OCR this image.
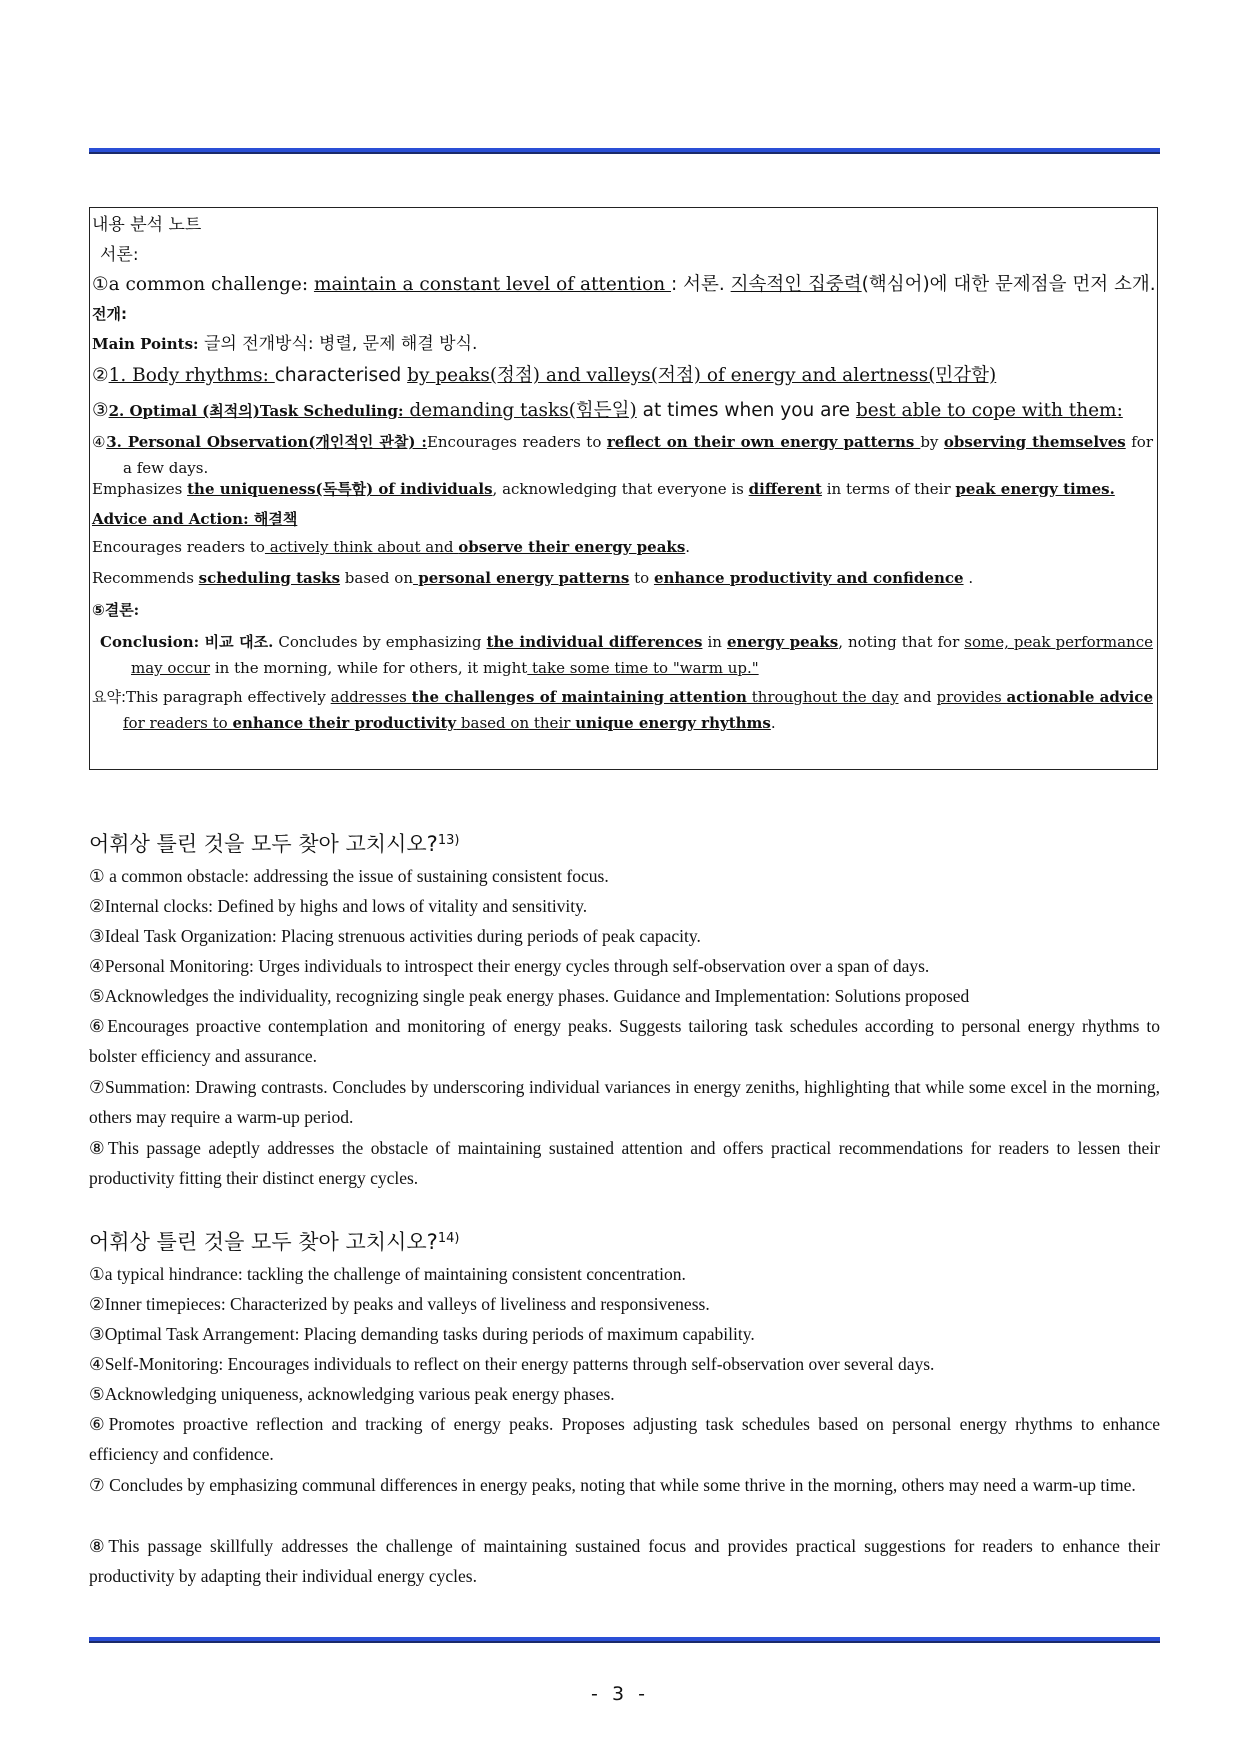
내용 분석 노트
서론:
①a common challenge: maintain a constant level of attention : 서론. 지속적인 집중력(핵심어)에 대한 문제점을 먼저 소개.
전개:
Main Points: 글의 전개방식: 병렬, 문제 해결 방식.
②1. Body rhythms: characterised by peaks(정점) and valleys(저점) of energy and alertness(민감함)
③2. Optimal (최적의)Task Scheduling: demanding tasks(힘든일) at times when you are best able to cope with them:
④3. Personal Observation(개인적인 관찰) :Encourages readers to reflect on their own energy patterns by observing themselves for a few days.
Emphasizes the uniqueness(독특함) of individuals, acknowledging that everyone is different in terms of their peak energy times.
Advice and Action: 해결책
Encourages readers to actively think about and observe their energy peaks.
Recommends scheduling tasks based on personal energy patterns to enhance productivity and confidence .
⑤결론:
Conclusion: 비교 대조. Concludes by emphasizing the individual differences in energy peaks, noting that for some, peak performance may occur in the morning, while for others, it might take some time to "warm up."
요약:This paragraph effectively addresses the challenges of maintaining attention throughout the day and provides actionable advice for readers to enhance their productivity based on their unique energy rhythms.
어휘상 틀린 것을 모두 찾아 고치시오?$^{13)}$
① a common obstacle: addressing the issue of sustaining consistent focus.
②Internal clocks: Defined by highs and lows of vitality and sensitivity.
③Ideal Task Organization: Placing strenuous activities during periods of peak capacity.
④Personal Monitoring: Urges individuals to introspect their energy cycles through self-observation over a span of days.
⑤Acknowledges the individuality, recognizing single peak energy phases. Guidance and Implementation: Solutions proposed
⑥Encourages proactive contemplation and monitoring of energy peaks. Suggests tailoring task schedules according to personal energy rhythms to bolster efficiency and assurance.
⑦Summation: Drawing contrasts. Concludes by underscoring individual variances in energy zeniths, highlighting that while some excel in the morning, others may require a warm-up period.
⑧This passage adeptly addresses the obstacle of maintaining sustained attention and offers practical recommendations for readers to lessen their productivity fitting their distinct energy cycles.
어휘상 틀린 것을 모두 찾아 고치시오?$^{14)}$
①a typical hindrance: tackling the challenge of maintaining consistent concentration.
②Inner timepieces: Characterized by peaks and valleys of liveliness and responsiveness.
③Optimal Task Arrangement: Placing demanding tasks during periods of maximum capability.
④Self-Monitoring: Encourages individuals to reflect on their energy patterns through self-observation over several days.
⑤Acknowledging uniqueness, acknowledging various peak energy phases.
⑥Promotes proactive reflection and tracking of energy peaks. Proposes adjusting task schedules based on personal energy rhythms to enhance efficiency and confidence.
⑦ Concludes by emphasizing communal differences in energy peaks, noting that while some thrive in the morning, others may need a warm-up time.
⑧This passage skillfully addresses the challenge of maintaining sustained focus and provides practical suggestions for readers to enhance their productivity by adapting their individual energy cycles.
- 3 -
